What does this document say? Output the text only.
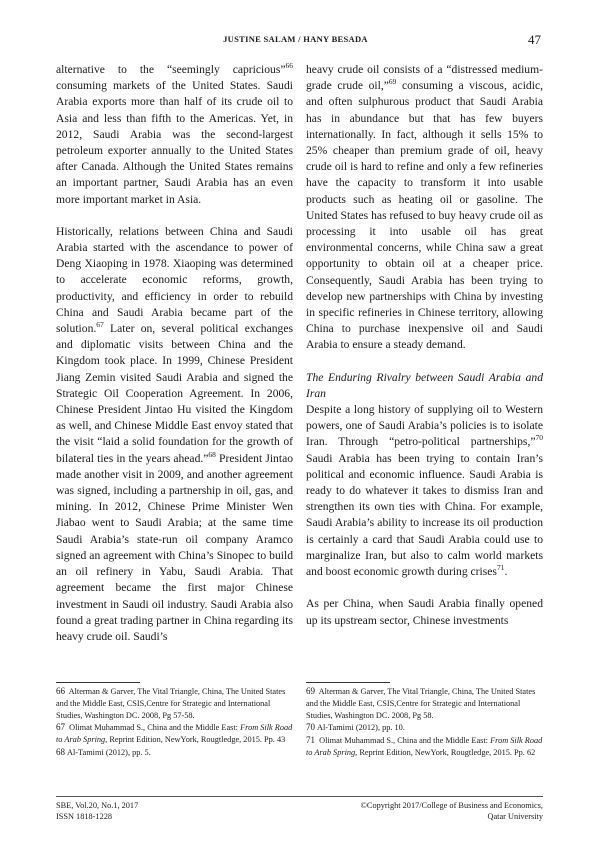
JUSTINE SALAM / HANY BESADA	47

alternative to the “seemingly capricious”$^{66}$ consuming markets of the United States. Saudi Arabia exports more than half of its crude oil to Asia and less than fifth to the Americas. Yet, in 2012, Saudi Arabia was the second-largest petroleum exporter annually to the United States after Canada. Although the United States remains an important partner, Saudi Arabia has an even more important market in Asia.

Historically, relations between China and Saudi Arabia started with the ascendance to power of Deng Xiaoping in 1978. Xiaoping was determined to accelerate economic reforms, growth, productivity, and efficiency in order to rebuild China and Saudi Arabia became part of the solution.$^{67}$ Later on, several political exchanges and diplomatic visits between China and the Kingdom took place. In 1999, Chinese President Jiang Zemin visited Saudi Arabia and signed the Strategic Oil Cooperation Agreement. In 2006, Chinese President Jintao Hu visited the Kingdom as well, and Chinese Middle East envoy stated that the visit “laid a solid foundation for the growth of bilateral ties in the years ahead.”$^{68}$ President Jintao made another visit in 2009, and another agreement was signed, including a partnership in oil, gas, and mining. In 2012, Chinese Prime Minister Wen Jiabao went to Saudi Arabia; at the same time Saudi Arabia’s state-run oil company Aramco signed an agreement with China’s Sinopec to build an oil refinery in Yabu, Saudi Arabia. That agreement became the first major Chinese investment in Saudi oil industry. Saudi Arabia also found a great trading partner in China regarding its heavy crude oil. Saudi’s

heavy crude oil consists of a “distressed medium-grade crude oil,”$^{69}$ consuming a viscous, acidic, and often sulphurous product that Saudi Arabia has in abundance but that has few buyers internationally. In fact, although it sells 15% to 25% cheaper than premium grade of oil, heavy crude oil is hard to refine and only a few refineries have the capacity to transform it into usable products such as heating oil or gasoline. The United States has refused to buy heavy crude oil as processing it into usable oil has great environmental concerns, while China saw a great opportunity to obtain oil at a cheaper price. Consequently, Saudi Arabia has been trying to develop new partnerships with China by investing in specific refineries in Chinese territory, allowing China to purchase inexpensive oil and Saudi Arabia to ensure a steady demand.

The Enduring Rivalry between Saudi Arabia and Iran

Despite a long history of supplying oil to Western powers, one of Saudi Arabia’s policies is to isolate Iran. Through “petro-political partnerships,”$^{70}$ Saudi Arabia has been trying to contain Iran’s political and economic influence. Saudi Arabia is ready to do whatever it takes to dismiss Iran and strengthen its own ties with China. For example, Saudi Arabia’s ability to increase its oil production is certainly a card that Saudi Arabia could use to marginalize Iran, but also to calm world markets and boost economic growth during crises$^{71}$.

As per China, when Saudi Arabia finally opened up its upstream sector, Chinese investments

66 Alterman & Garver, The Vital Triangle, China, The United States and the Middle East, CSIS,Centre for Strategic and International Studies, Washington DC. 2008, Pg 57-58.
67 Olimat Muhammad S., China and the Middle East: From Silk Road to Arab Spring, Reprint Edition, NewYork, Rougtledge, 2015. Pp. 43
68 Al-Tamimi (2012), pp. 5.
69 Alterman & Garver, The Vital Triangle, China, The United States and the Middle East, CSIS,Centre for Strategic and International Studies, Washington DC. 2008, Pg 58.
70 Al-Tamimi (2012), pp. 10.
71 Olimat Muhammad S., China and the Middle East: From Silk Road to Arab Spring, Reprint Edition, NewYork, Rougtledge, 2015. Pp. 62
SBE, Vol.20, No.1, 2017
ISSN 1818-1228
©Copyright 2017/College of Business and Economics,
Qatar University
